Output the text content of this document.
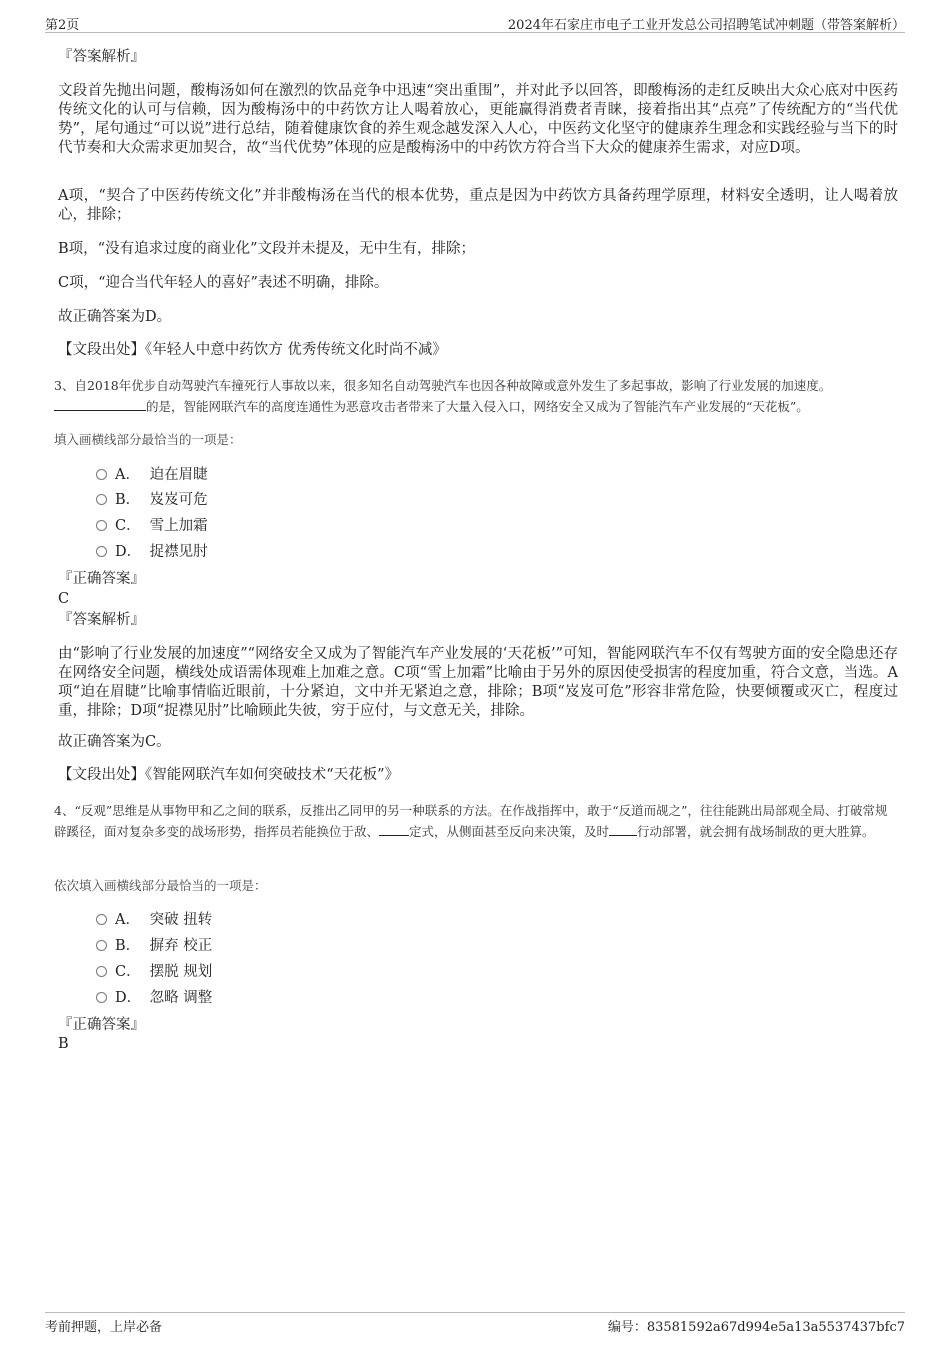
第2页	2024年石家庄市电子工业开发总公司招聘笔试冲刺题（带答案解析）
『答案解析』
文段首先抛出问题，酸梅汤如何在激烈的饮品竞争中迅速“突出重围”，并对此予以回答，即酸梅汤的走红反映出大众心底对中医药传统文化的认可与信赖，因为酸梅汤中的中药饮方让人喝着放心，更能赢得消费者青睐，接着指出其“点亮”了传统配方的“当代优势”，尾句通过“可以说”进行总结，随着健康饮食的养生观念越发深入人心，中医药文化坚守的健康养生理念和实践经验与当下的时代节奏和大众需求更加契合，故“当代优势”体现的应是酸梅汤中的中药饮方符合当下大众的健康养生需求，对应D项。
A项，“契合了中医药传统文化”并非酸梅汤在当代的根本优势，重点是因为中药饮方具备药理学原理，材料安全透明，让人喝着放心，排除；
B项，“没有追求过度的商业化”文段并未提及，无中生有，排除；
C项，“迎合当代年轻人的喜好”表述不明确，排除。
故正确答案为D。
【文段出处】《年轻人中意中药饮方 优秀传统文化时尚不减》
3、自2018年优步自动驾驶汽车撞死行人事故以来，很多知名自动驾驶汽车也因各种故障或意外发生了多起事故，影响了行业发展的加速度。
的是，智能网联汽车的高度连通性为恶意攻击者带来了大量入侵入口，网络安全又成为了智能汽车产业发展的“天花板”。
填入画横线部分最恰当的一项是：
A． 迫在眉睫
B． 岌岌可危
C． 雪上加霜
D． 捉襟见肘
『正确答案』
C
『答案解析』
由“影响了行业发展的加速度”“网络安全又成为了智能汽车产业发展的‘天花板’”可知，智能网联汽车不仅有驾驶方面的安全隐患还存在网络安全问题，横线处成语需体现难上加难之意。C项“雪上加霜”比喻由于另外的原因使受损害的程度加重，符合文意，当选。A项“迫在眉睫”比喻事情临近眼前，十分紧迫，文中并无紧迫之意，排除；B项“岌岌可危”形容非常危险，快要倾覆或灭亡，程度过重，排除；D项“捉襟见肘”比喻顾此失彼，穷于应付，与文意无关，排除。
故正确答案为C。
【文段出处】《智能网联汽车如何突破技术“天花板”》
4、“反观”思维是从事物甲和乙之间的联系，反推出乙同甲的另一种联系的方法。在作战指挥中，敢于“反道而觇之”，往往能跳出局部观全局、打破常规辟蹊径，面对复杂多变的战场形势，指挥员若能换位于敌、 定式，从侧面甚至反向来决策，及时 行动部署，就会拥有战场制敌的更大胜算。
依次填入画横线部分最恰当的一项是：
A． 突破 扭转
B． 摒弃 校正
C． 摆脱 规划
D． 忽略 调整
『正确答案』
B
考前押题，上岸必备	编号：83581592a67d994e5a13a5537437bfc7
